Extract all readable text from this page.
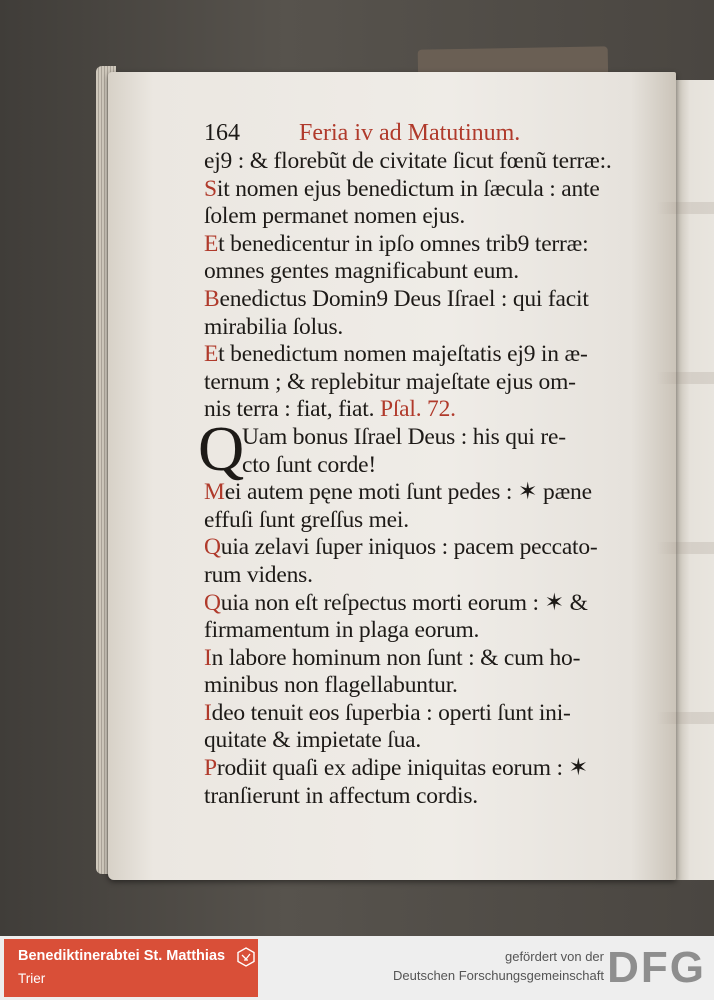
164 Feria iv ad Matutinum.
ej9 : & florebũt de civitate ſicut fœnũ terræ:.
Sit nomen ejus benedictum in ſæcula : ante
ſolem permanet nomen ejus.
Et benedicentur in ipſo omnes trib9 terræ:
omnes gentes magnificabunt eum.
Benedictus Domin9 Deus Iſrael : qui facit
mirabilia ſolus.
Et benedictum nomen majeſtatis ej9 in æ-
ternum ; & replebitur majeſtate ejus om-
nis terra : fiat, fiat. Pſal. 72.
Uam bonus Iſrael Deus : his qui re-
cto ſunt corde!
Mei autem pęne moti ſunt pedes : ✶ pæne
effuſi ſunt greſſus mei.
Quia zelavi ſuper iniquos : pacem peccato-
rum videns.
Quia non eſt reſpectus morti eorum : ✶ &
firmamentum in plaga eorum.
In labore hominum non ſunt : & cum ho-
minibus non flagellabuntur.
Ideo tenuit eos ſuperbia : operti ſunt ini-
quitate & impietate ſua.
Prodiit quaſi ex adipe iniquitas eorum : ✶
tranſierunt in affectum cordis.
Q
Benediktinerabtei St. Matthias
Trier
gefördert von der
Deutschen Forschungsgemeinschaft DFG
